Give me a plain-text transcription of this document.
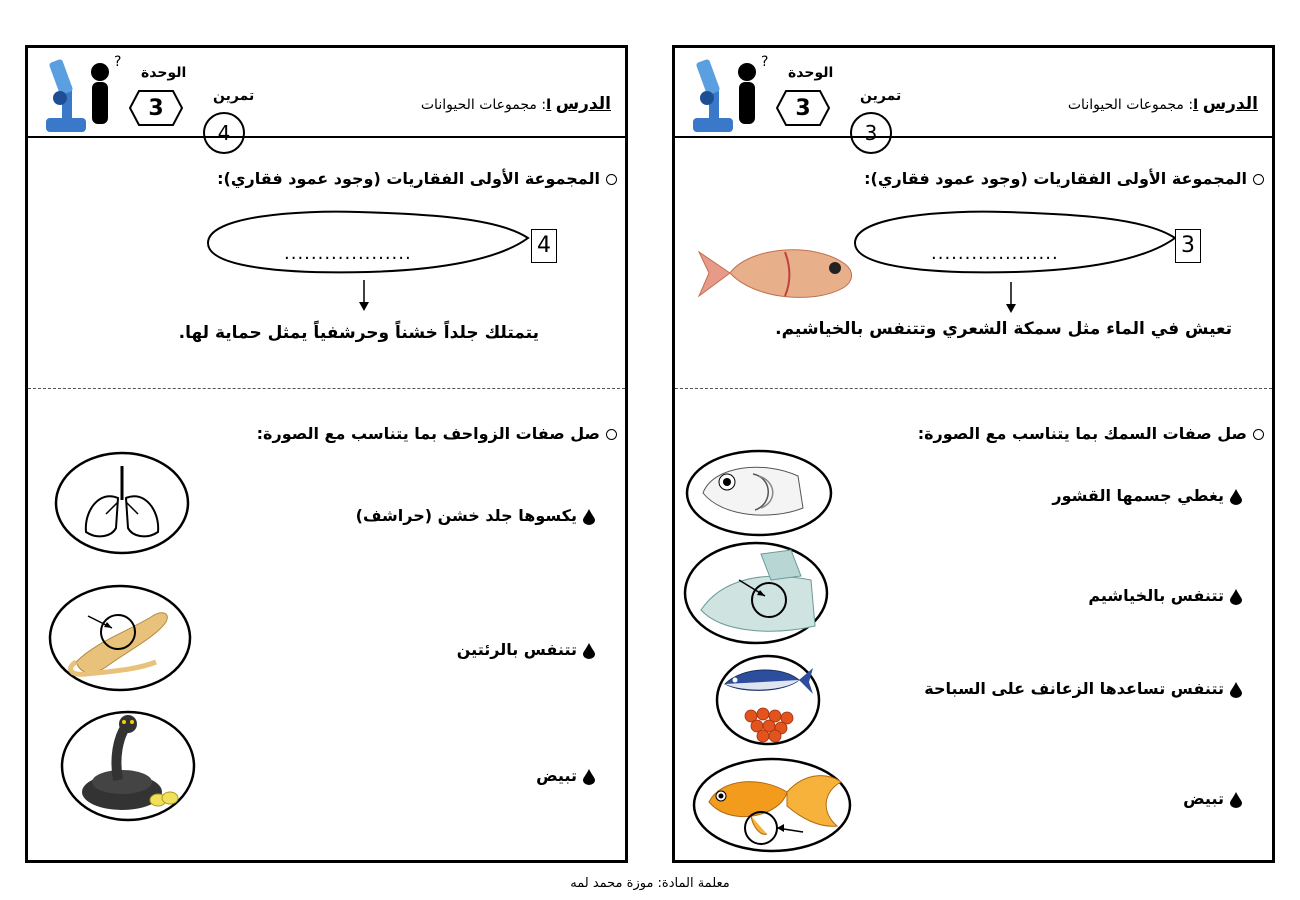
?
الوحدة
3	تمرين
4
الدرس I: مجموعات الحيوانات
المجموعة الأولى الفقاريات (وجود عمود فقاري):
...................	4
يتمتلك جلداً خشناً وحرشفياً يمثل حماية لها.
صل صفات الزواحف بما يتناسب مع الصورة:
يكسوها جلد خشن (حراشف)
تتنفس بالرئتين
تبيض
?
الوحدة
3	تمرين
3
الدرس I: مجموعات الحيوانات
المجموعة الأولى الفقاريات (وجود عمود فقاري):
...................	3
تعيش في الماء مثل سمكة الشعري وتتنفس بالخياشيم.
صل صفات السمك بما يتناسب مع الصورة:
يغطي جسمها القشور
تتنفس بالخياشيم
تتنفس تساعدها الزعانف على السباحة
تبيض
معلمة المادة: موزة محمد لمه
